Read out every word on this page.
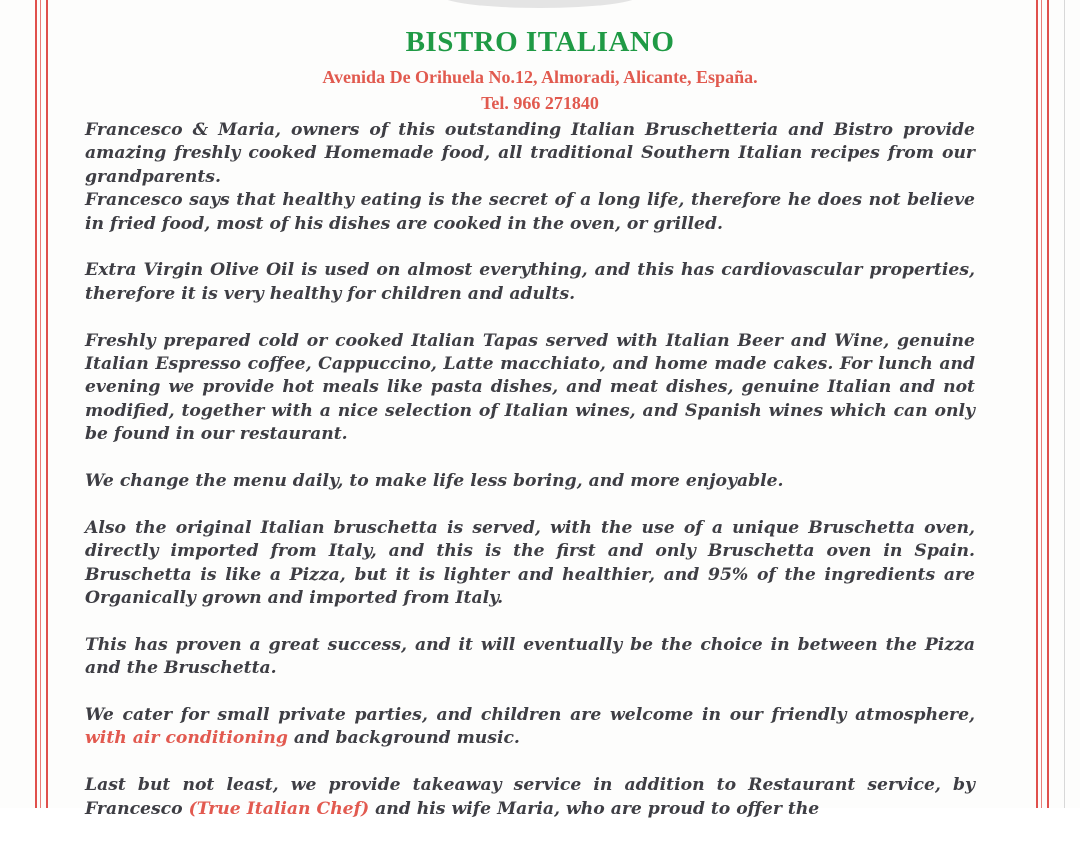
BISTRO ITALIANO
Avenida De Orihuela No.12, Almoradi, Alicante, España.
Tel. 966 271840

Francesco & Maria, owners of this outstanding Italian Bruschetteria and Bistro provide amazing freshly cooked Homemade food, all traditional Southern Italian recipes from our grandparents.

Francesco says that healthy eating is the secret of a long life, therefore he does not believe in fried food, most of his dishes are cooked in the oven, or grilled.

Extra Virgin Olive Oil is used on almost everything, and this has cardiovascular properties, therefore it is very healthy for children and adults.

Freshly prepared cold or cooked Italian Tapas served with Italian Beer and Wine, genuine Italian Espresso coffee, Cappuccino, Latte macchiato, and home made cakes. For lunch and evening we provide hot meals like pasta dishes, and meat dishes, genuine Italian and not modified, together with a nice selection of Italian wines, and Spanish wines which can only be found in our restaurant.

We change the menu daily, to make life less boring, and more enjoyable.

Also the original Italian bruschetta is served, with the use of a unique Bruschetta oven, directly imported from Italy, and this is the first and only Bruschetta oven in Spain. Bruschetta is like a Pizza, but it is lighter and healthier, and 95% of the ingredients are Organically grown and imported from Italy.

This has proven a great success, and it will eventually be the choice in between the Pizza and the Bruschetta.

We cater for small private parties, and children are welcome in our friendly atmosphere, with air conditioning and background music.

Last but not least, we provide takeaway service in addition to Restaurant service, by Francesco (True Italian Chef) and his wife Maria, who are proud to offer the
